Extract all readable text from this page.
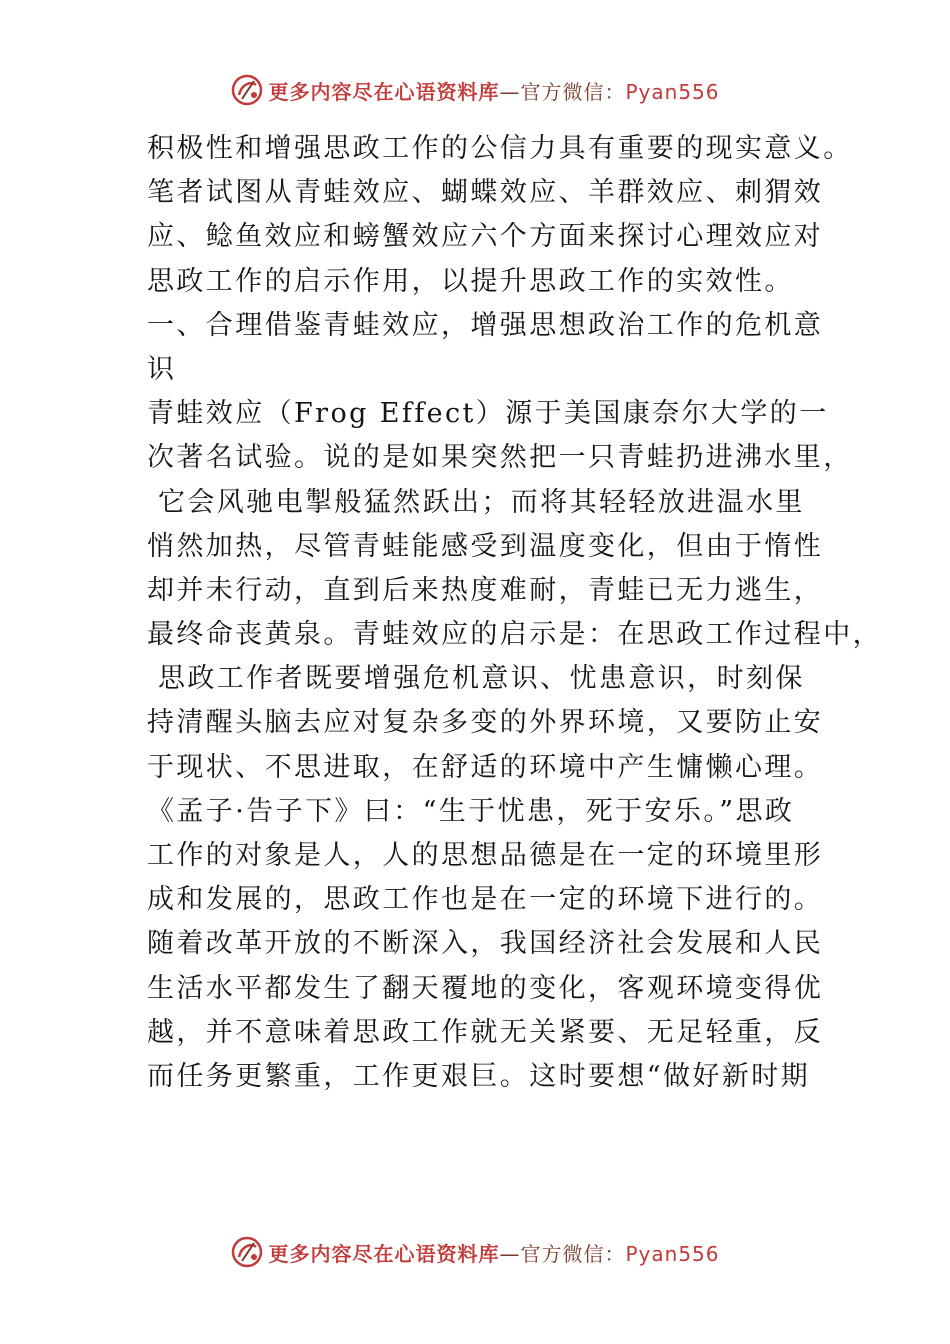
更多内容尽在心语资料库—官方微信：Pyan556
积极性和增强思政工作的公信力具有重要的现实意义。
笔者试图从青蛙效应、蝴蝶效应、羊群效应、刺猬效
应、鲶鱼效应和螃蟹效应六个方面来探讨心理效应对
思政工作的启示作用，以提升思政工作的实效性。
一、合理借鉴青蛙效应，增强思想政治工作的危机意
识
青蛙效应（Frog Effect）源于美国康奈尔大学的一
次著名试验。说的是如果突然把一只青蛙扔进沸水里，
它会风驰电掣般猛然跃出；而将其轻轻放进温水里
悄然加热，尽管青蛙能感受到温度变化，但由于惰性
却并未行动，直到后来热度难耐，青蛙已无力逃生，
最终命丧黄泉。青蛙效应的启示是：在思政工作过程中，
思政工作者既要增强危机意识、忧患意识，时刻保
持清醒头脑去应对复杂多变的外界环境，又要防止安
于现状、不思进取，在舒适的环境中产生慵懒心理。
《孟子·告子下》曰：“生于忧患，死于安乐。”思政
工作的对象是人，人的思想品德是在一定的环境里形
成和发展的，思政工作也是在一定的环境下进行的。
随着改革开放的不断深入，我国经济社会发展和人民
生活水平都发生了翻天覆地的变化，客观环境变得优
越，并不意味着思政工作就无关紧要、无足轻重，反
而任务更繁重，工作更艰巨。这时要想“做好新时期
更多内容尽在心语资料库—官方微信：Pyan556
